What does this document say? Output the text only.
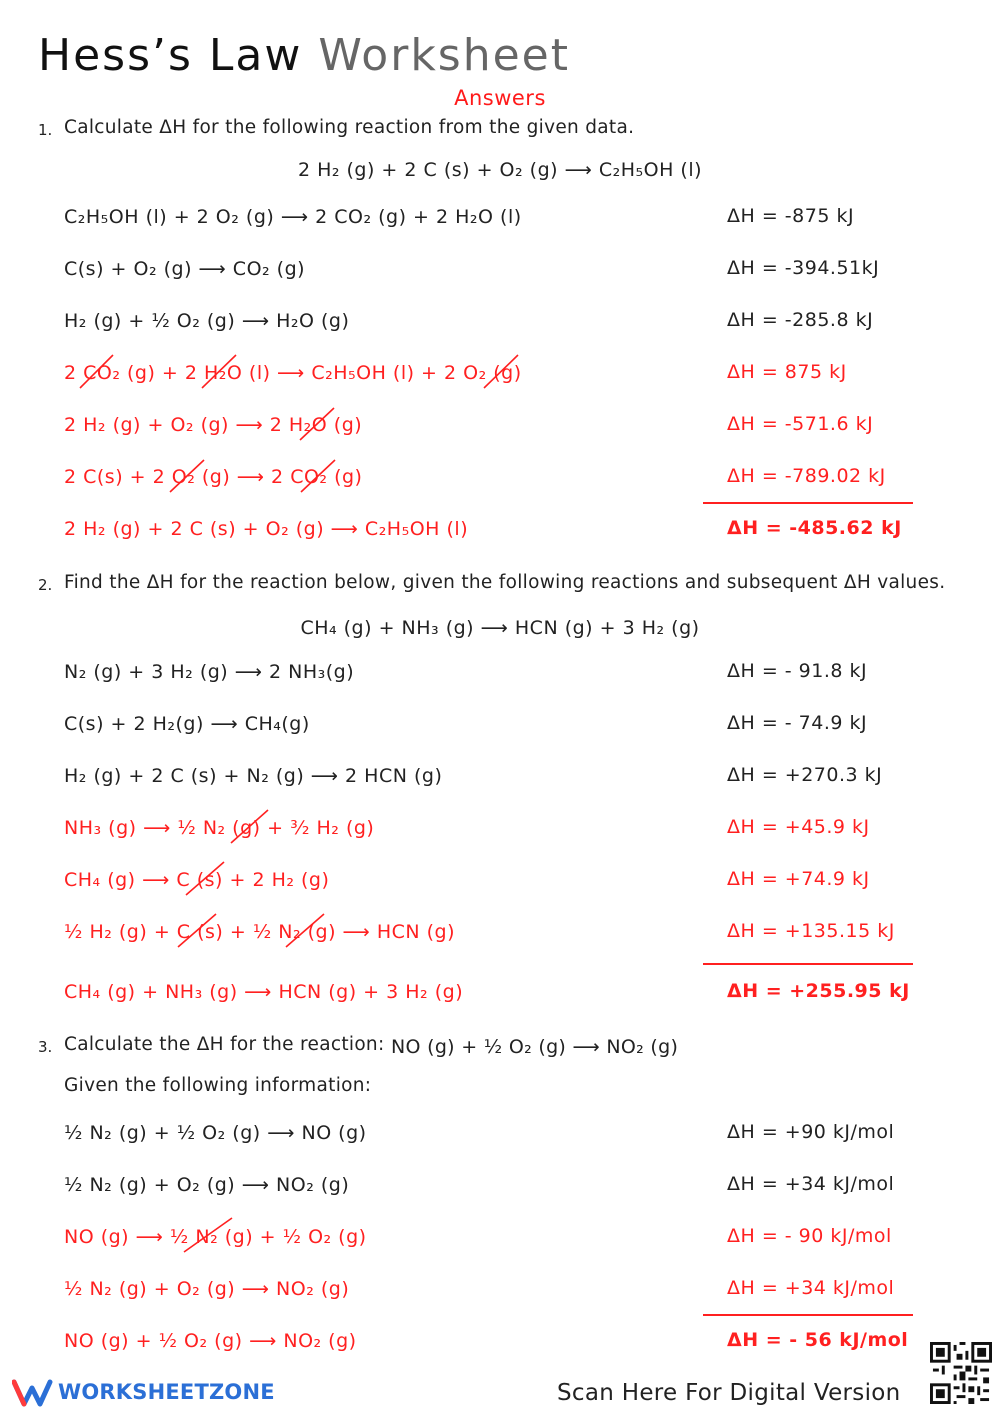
Hess’s Law Worksheet
Answers
1. Calculate ΔH for the following reaction from the given data.
2 H₂ (g) + 2 C (s) + O₂ (g) ⟶ C₂H₅OH (l)
C₂H₅OH (l) + 2 O₂ (g) ⟶ 2 CO₂ (g) + 2 H₂O (l)	ΔH = -875 kJ
C(s) + O₂ (g) ⟶ CO₂ (g)	ΔH = -394.51kJ
H₂ (g) + ½ O₂ (g) ⟶ H₂O (g)	ΔH = -285.8 kJ
2 CO₂ (g) + 2 H₂O (l) ⟶ C₂H₅OH (l) + 2 O₂ (g)	ΔH = 875 kJ
2 H₂ (g) + O₂ (g) ⟶ 2 H₂O (g)	ΔH = -571.6 kJ
2 C(s) + 2 O₂ (g) ⟶ 2 CO₂ (g)	ΔH = -789.02 kJ
2 H₂ (g) + 2 C (s) + O₂ (g) ⟶ C₂H₅OH (l)	ΔH = -485.62 kJ
2. Find the ΔH for the reaction below, given the following reactions and subsequent ΔH values.
CH₄ (g) + NH₃ (g) ⟶ HCN (g) + 3 H₂ (g)
N₂ (g) + 3 H₂ (g) ⟶ 2 NH₃(g)	ΔH = - 91.8 kJ
C(s) + 2 H₂(g) ⟶ CH₄(g)	ΔH = - 74.9 kJ
H₂ (g) + 2 C (s) + N₂ (g) ⟶ 2 HCN (g)	ΔH = +270.3 kJ
NH₃ (g) ⟶ ½ N₂ (g) + ³⁄₂ H₂ (g)	ΔH = +45.9 kJ
CH₄ (g) ⟶ C (s) + 2 H₂ (g)	ΔH = +74.9 kJ
½ H₂ (g) + C (s) + ½ N₂ (g) ⟶ HCN (g)	ΔH = +135.15 kJ
CH₄ (g) + NH₃ (g) ⟶ HCN (g) + 3 H₂ (g)	ΔH = +255.95 kJ
3. Calculate the ΔH for the reaction: NO (g) + ½ O₂ (g) ⟶ NO₂ (g)
Given the following information:
½ N₂ (g) + ½ O₂ (g) ⟶ NO (g)	ΔH = +90 kJ/mol
½ N₂ (g) + O₂ (g) ⟶ NO₂ (g)	ΔH = +34 kJ/mol
NO (g) ⟶ ½ N₂ (g) + ½ O₂ (g)	ΔH = - 90 kJ/mol
½ N₂ (g) + O₂ (g) ⟶ NO₂ (g)	ΔH = +34 kJ/mol
NO (g) + ½ O₂ (g) ⟶ NO₂ (g)	ΔH = - 56 kJ/mol
WORKSHEETZONE	Scan Here For Digital Version
